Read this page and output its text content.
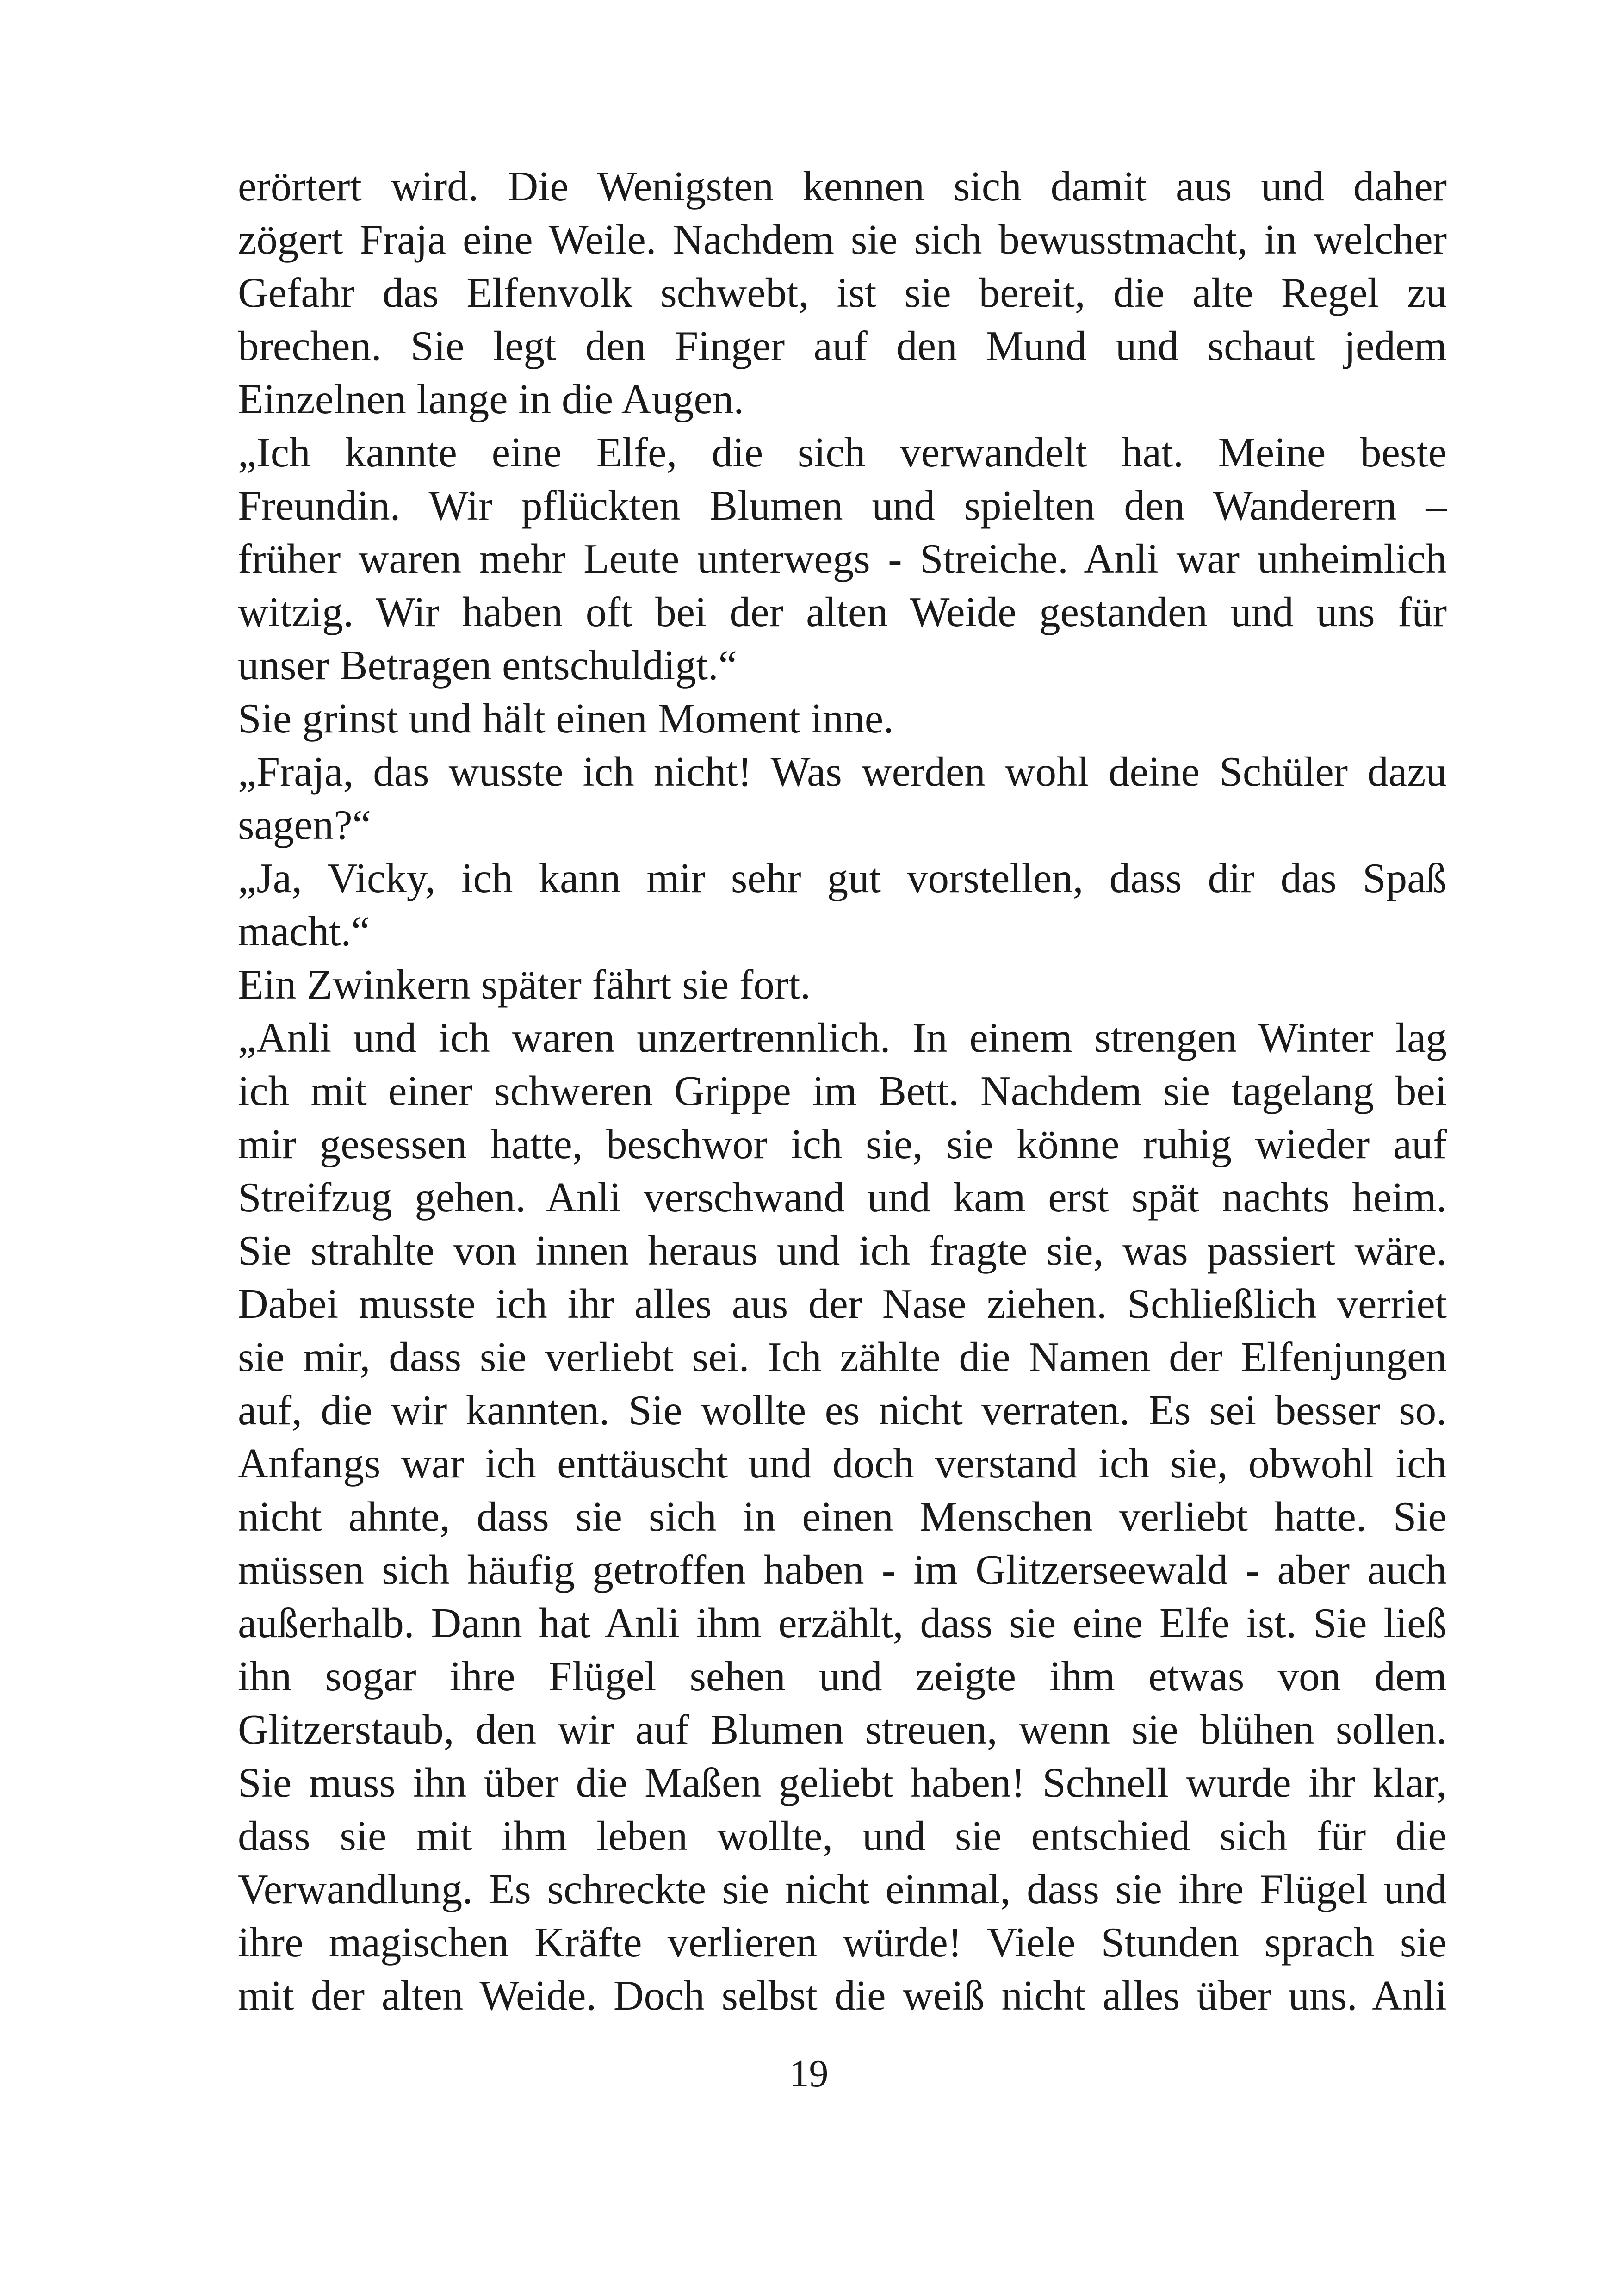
erörtert wird. Die Wenigsten kennen sich damit aus und daher
zögert Fraja eine Weile. Nachdem sie sich bewusstmacht, in welcher
Gefahr das Elfenvolk schwebt, ist sie bereit, die alte Regel zu
brechen. Sie legt den Finger auf den Mund und schaut jedem
Einzelnen lange in die Augen.
„Ich kannte eine Elfe, die sich verwandelt hat. Meine beste
Freundin. Wir pflückten Blumen und spielten den Wanderern –
früher waren mehr Leute unterwegs - Streiche. Anli war unheimlich
witzig. Wir haben oft bei der alten Weide gestanden und uns für
unser Betragen entschuldigt.“
Sie grinst und hält einen Moment inne.
„Fraja, das wusste ich nicht! Was werden wohl deine Schüler dazu
sagen?“
„Ja, Vicky, ich kann mir sehr gut vorstellen, dass dir das Spaß
macht.“
Ein Zwinkern später fährt sie fort.
„Anli und ich waren unzertrennlich. In einem strengen Winter lag
ich mit einer schweren Grippe im Bett. Nachdem sie tagelang bei
mir gesessen hatte, beschwor ich sie, sie könne ruhig wieder auf
Streifzug gehen. Anli verschwand und kam erst spät nachts heim.
Sie strahlte von innen heraus und ich fragte sie, was passiert wäre.
Dabei musste ich ihr alles aus der Nase ziehen. Schließlich verriet
sie mir, dass sie verliebt sei. Ich zählte die Namen der Elfenjungen
auf, die wir kannten. Sie wollte es nicht verraten. Es sei besser so.
Anfangs war ich enttäuscht und doch verstand ich sie, obwohl ich
nicht ahnte, dass sie sich in einen Menschen verliebt hatte. Sie
müssen sich häufig getroffen haben - im Glitzerseewald - aber auch
außerhalb. Dann hat Anli ihm erzählt, dass sie eine Elfe ist. Sie ließ
ihn sogar ihre Flügel sehen und zeigte ihm etwas von dem
Glitzerstaub, den wir auf Blumen streuen, wenn sie blühen sollen.
Sie muss ihn über die Maßen geliebt haben! Schnell wurde ihr klar,
dass sie mit ihm leben wollte, und sie entschied sich für die
Verwandlung. Es schreckte sie nicht einmal, dass sie ihre Flügel und
ihre magischen Kräfte verlieren würde! Viele Stunden sprach sie
mit der alten Weide. Doch selbst die weiß nicht alles über uns. Anli
19
